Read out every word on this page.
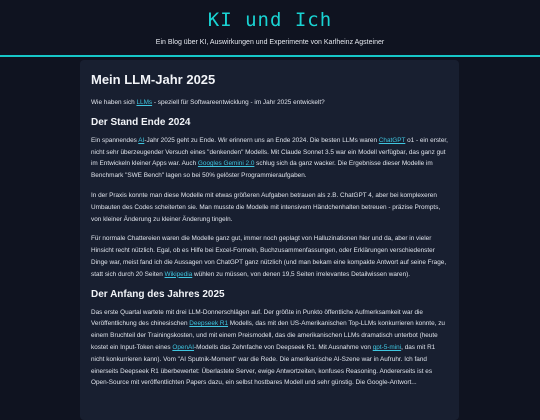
KI und Ich
Ein Blog über KI, Auswirkungen und Experimente von Karlheinz Agsteiner
Mein LLM-Jahr 2025

Wie haben sich LLMs - speziell für Softwareentwicklung - im Jahr 2025 entwickelt?

Der Stand Ende 2024

Ein spannendes AI-Jahr 2025 geht zu Ende. Wir erinnern uns an Ende 2024. Die besten LLMs waren ChatGPT o1 - ein erster, nicht sehr überzeugender Versuch eines "denkenden" Modells. Mit Claude Sonnet 3.5 war ein Modell verfügbar, das ganz gut im Entwickeln kleiner Apps war. Auch Googles Gemini 2.0 schlug sich da ganz wacker. Die Ergebnisse dieser Modelle im Benchmark "SWE Bench" lagen so bei 50% gelöster Programmieraufgaben.

In der Praxis konnte man diese Modelle mit etwas größeren Aufgaben betrauen als z.B. ChatGPT 4, aber bei komplexeren Umbauten des Codes scheiterten sie. Man musste die Modelle mit intensivem Händchenhalten betreuen - präzise Prompts, von kleiner Änderung zu kleiner Änderung tingeln.

Für normale Chattereien waren die Modelle ganz gut, immer noch geplagt von Halluzinationen hier und da, aber in vieler Hinsicht recht nützlich. Egal, ob es Hilfe bei Excel-Formeln, Buchzusammenfassungen, oder Erklärungen verschiedenster Dinge war, meist fand ich die Aussagen von ChatGPT ganz nützlich (und man bekam eine kompakte Antwort auf seine Frage, statt sich durch 20 Seiten Wikipedia wühlen zu müssen, von denen 19,5 Seiten irrelevantes Detailwissen waren).

Der Anfang des Jahres 2025

Das erste Quartal wartete mit drei LLM-Donnerschlägen auf. Der größte in Punkto öffentliche Aufmerksamkeit war die Veröffentlichung des chinesischen Deepseek R1 Modells, das mit den US-Amerikanischen Top-LLMs konkurrieren konnte, zu einem Bruchteil der Trainingskosten, und mit einem Preismodell, das die amerikanischen LLMs dramatisch unterbot (heute kostet ein Input-Token eines OpenAI-Modells das Zehnfache von Deepseek R1. Mit Ausnahme von gpt-5-mini, das mit R1 nicht konkurrieren kann). Vom "AI Sputnik-Moment" war die Rede. Die amerikanische AI-Szene war in Aufruhr. Ich fand einerseits Deepseek R1 überbewertet: Überlastete Server, ewige Antwortzeiten, konfuses Reasoning. Andererseits ist es Open-Source mit veröffentlichten Papers dazu, ein selbst hostbares Modell und sehr günstig. Die Google-Antwort...
